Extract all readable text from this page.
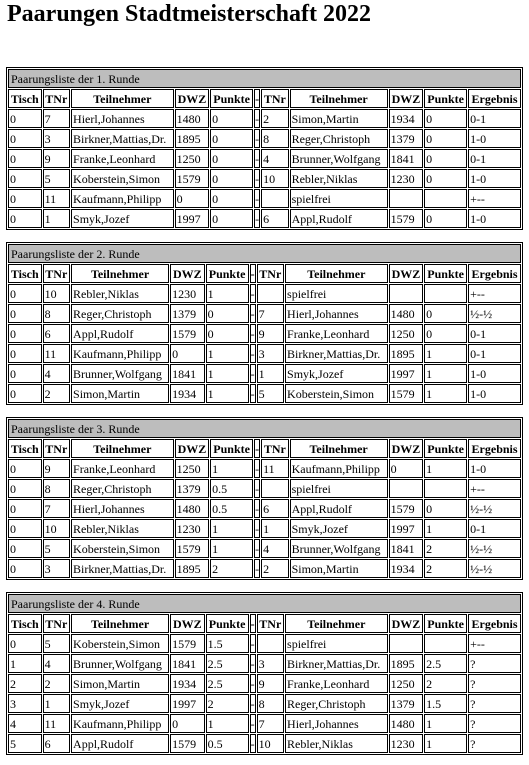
Paarungen Stadtmeisterschaft 2022
Paarungsliste der 1. Runde										
Tisch	TNr	Teilnehmer	DWZ	Punkte	-	TNr	Teilnehmer	DWZ	Punkte	Ergebnis
0	7	Hierl,Johannes	1480	0	-	2	Simon,Martin	1934	0	0-1
0	3	Birkner,Mattias,Dr.	1895	0	-	8	Reger,Christoph	1379	0	1-0
0	9	Franke,Leonhard	1250	0	-	4	Brunner,Wolfgang	1841	0	0-1
0	5	Koberstein,Simon	1579	0	-	10	Rebler,Niklas	1230	0	1-0
0	11	Kaufmann,Philipp	0	0	-		spielfrei			+--
0	1	Smyk,Jozef	1997	0	-	6	Appl,Rudolf	1579	0	1-0
Paarungsliste der 2. Runde										
Tisch	TNr	Teilnehmer	DWZ	Punkte	-	TNr	Teilnehmer	DWZ	Punkte	Ergebnis
0	10	Rebler,Niklas	1230	1	-		spielfrei			+--
0	8	Reger,Christoph	1379	0	-	7	Hierl,Johannes	1480	0	½-½
0	6	Appl,Rudolf	1579	0	-	9	Franke,Leonhard	1250	0	0-1
0	11	Kaufmann,Philipp	0	1	-	3	Birkner,Mattias,Dr.	1895	1	0-1
0	4	Brunner,Wolfgang	1841	1	-	1	Smyk,Jozef	1997	1	1-0
0	2	Simon,Martin	1934	1	-	5	Koberstein,Simon	1579	1	1-0
Paarungsliste der 3. Runde										
Tisch	TNr	Teilnehmer	DWZ	Punkte	-	TNr	Teilnehmer	DWZ	Punkte	Ergebnis
0	9	Franke,Leonhard	1250	1	-	11	Kaufmann,Philipp	0	1	1-0
0	8	Reger,Christoph	1379	0.5	-		spielfrei			+--
0	7	Hierl,Johannes	1480	0.5	-	6	Appl,Rudolf	1579	0	½-½
0	10	Rebler,Niklas	1230	1	-	1	Smyk,Jozef	1997	1	0-1
0	5	Koberstein,Simon	1579	1	-	4	Brunner,Wolfgang	1841	2	½-½
0	3	Birkner,Mattias,Dr.	1895	2	-	2	Simon,Martin	1934	2	½-½
Paarungsliste der 4. Runde										
Tisch	TNr	Teilnehmer	DWZ	Punkte	-	TNr	Teilnehmer	DWZ	Punkte	Ergebnis
0	5	Koberstein,Simon	1579	1.5	-		spielfrei			+--
1	4	Brunner,Wolfgang	1841	2.5	-	3	Birkner,Mattias,Dr.	1895	2.5	?
2	2	Simon,Martin	1934	2.5	-	9	Franke,Leonhard	1250	2	?
3	1	Smyk,Jozef	1997	2	-	8	Reger,Christoph	1379	1.5	?
4	11	Kaufmann,Philipp	0	1	-	7	Hierl,Johannes	1480	1	?
5	6	Appl,Rudolf	1579	0.5	-	10	Rebler,Niklas	1230	1	?
